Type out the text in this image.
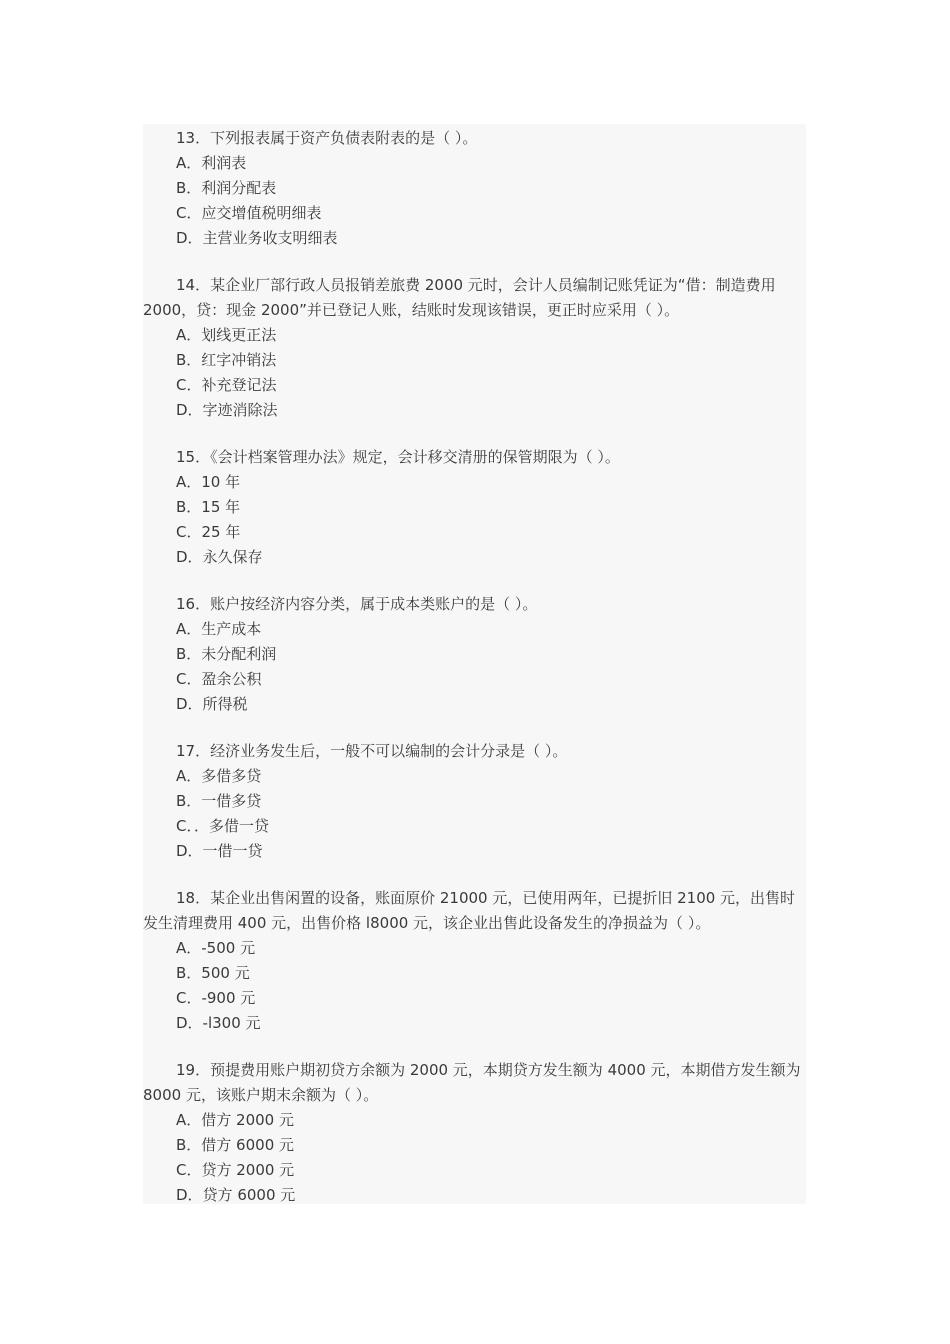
13．下列报表属于资产负债表附表的是（ ）。

A．利润表

B．利润分配表

C．应交增值税明细表

D．主营业务收支明细表

14．某企业厂部行政人员报销差旅费 2000 元时，会计人员编制记账凭证为“借：制造费用 2000，贷：现金 2000”并已登记人账，结账时发现该错误，更正时应采用（ ）。

A．划线更正法

B．红字冲销法

C．补充登记法

D．字迹消除法

15．《会计档案管理办法》规定，会计移交清册的保管期限为（ ）。

A．10 年

B．15 年

C．25 年

D．永久保存

16．账户按经济内容分类，属于成本类账户的是（ ）。

A．生产成本

B．未分配利润

C．盈余公积

D．所得税

17．经济业务发生后，一般不可以编制的会计分录是（ ）。

A．多借多贷

B．一借多贷

C．．多借一贷

D．一借一贷

18．某企业出售闲置的设备，账面原价 21000 元，已使用两年，已提折旧 2100 元，出售时发生清理费用 400 元，出售价格 l8000 元，该企业出售此设备发生的净损益为（ ）。

A．-500 元

B．500 元

C．-900 元

D．-l300 元

19．预提费用账户期初贷方余额为 2000 元，本期贷方发生额为 4000 元，本期借方发生额为 8000 元，该账户期末余额为（ ）。

A．借方 2000 元

B．借方 6000 元

C．贷方 2000 元

D．贷方 6000 元
